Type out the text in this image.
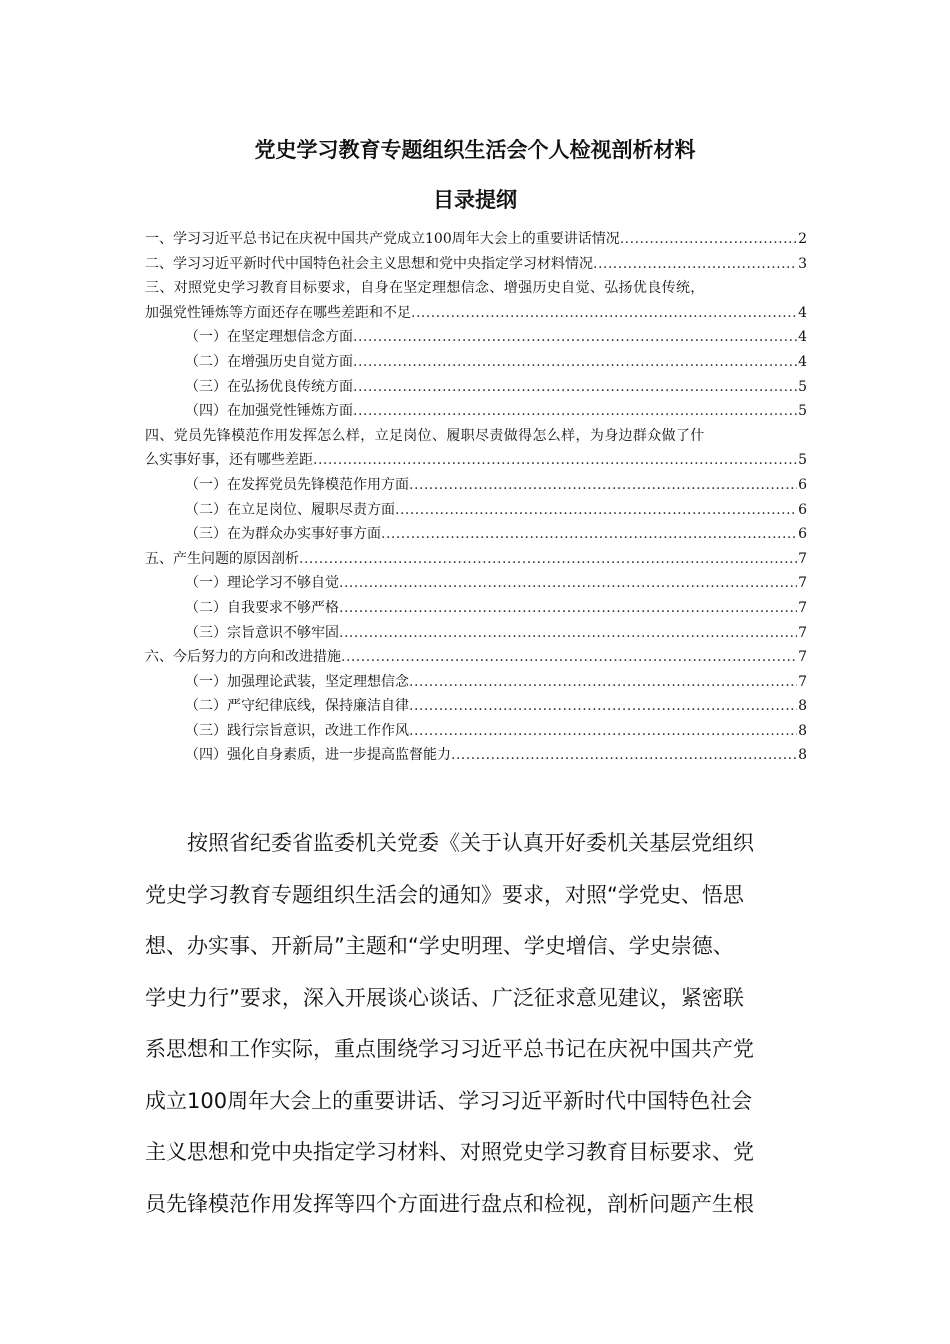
党史学习教育专题组织生活会个人检视剖析材料
目录提纲
一、学习习近平总书记在庆祝中国共产党成立100周年大会上的重要讲话情况 .....	2
二、学习习近平新时代中国特色社会主义思想和党中央指定学习材料情况 .....	3
三、对照党史学习教育目标要求，自身在坚定理想信念、增强历史自觉、弘扬优良传统，
加强党性锤炼等方面还存在哪些差距和不足 .....	4
（一）在坚定理想信念方面 .....	4
（二）在增强历史自觉方面 .....	4
（三）在弘扬优良传统方面 .....	5
（四）在加强党性锤炼方面 .....	5
四、党员先锋模范作用发挥怎么样，立足岗位、履职尽责做得怎么样，为身边群众做了什
么实事好事，还有哪些差距 .....	5
（一）在发挥党员先锋模范作用方面 .....	6
（二）在立足岗位、履职尽责方面 .....	6
（三）在为群众办实事好事方面 .....	6
五、产生问题的原因剖析 .....	7
（一）理论学习不够自觉 .....	7
（二）自我要求不够严格 .....	7
（三）宗旨意识不够牢固 .....	7
六、今后努力的方向和改进措施 .....	7
（一）加强理论武装，坚定理想信念 .....	7
（二）严守纪律底线，保持廉洁自律 .....	8
（三）践行宗旨意识，改进工作作风 .....	8
（四）强化自身素质，进一步提高监督能力 .....	8
按照省纪委省监委机关党委《关于认真开好委机关基层党组织
党史学习教育专题组织生活会的通知》要求，对照“学党史、悟思
想、办实事、开新局”主题和“学史明理、学史增信、学史崇德、
学史力行”要求，深入开展谈心谈话、广泛征求意见建议，紧密联
系思想和工作实际，重点围绕学习习近平总书记在庆祝中国共产党
成立100周年大会上的重要讲话、学习习近平新时代中国特色社会
主义思想和党中央指定学习材料、对照党史学习教育目标要求、党
员先锋模范作用发挥等四个方面进行盘点和检视，剖析问题产生根
